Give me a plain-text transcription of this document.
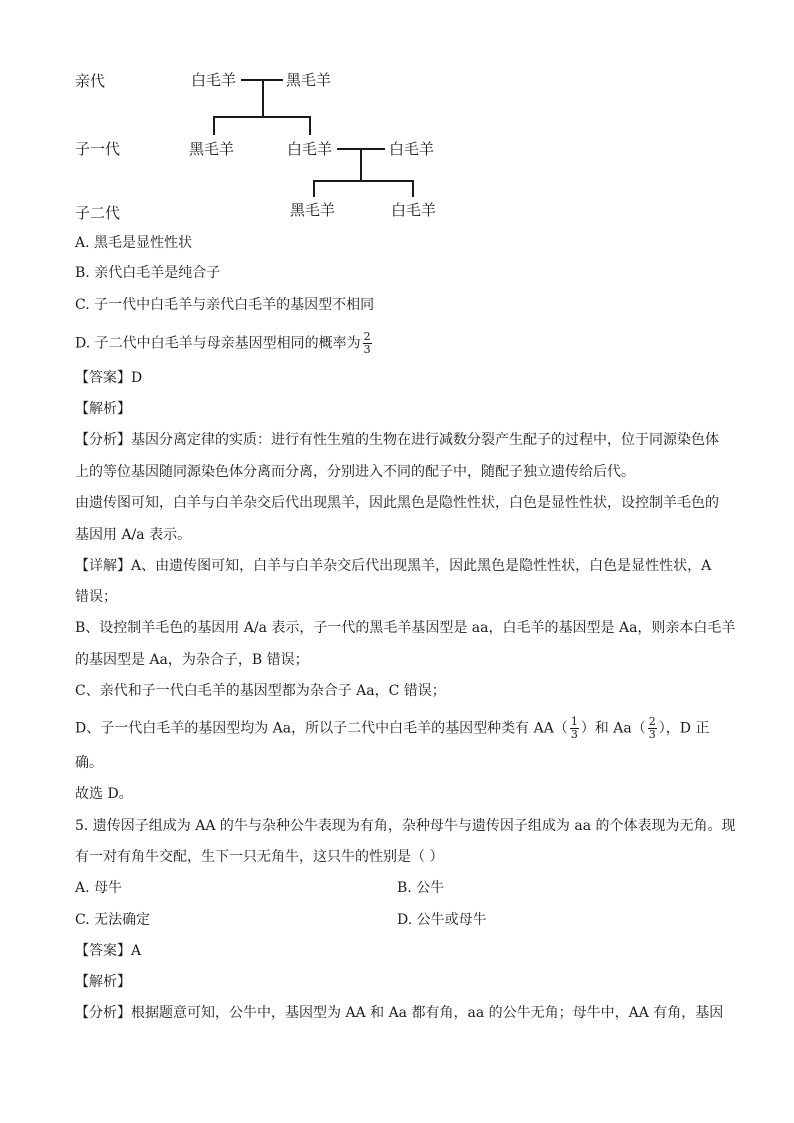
亲代
子一代
子二代
白毛羊	黑毛羊
黑毛羊	白毛羊	白毛羊
黑毛羊	白毛羊
A. 黑毛是显性性状
B. 亲代白毛羊是纯合子
C. 子一代中白毛羊与亲代白毛羊的基因型不相同
D. 子二代中白毛羊与母亲基因型相同的概率为 $\frac{2}{3}$
【答案】D
【解析】
【分析】基因分离定律的实质：进行有性生殖的生物在进行减数分裂产生配子的过程中，位于同源染色体
上的等位基因随同源染色体分离而分离，分别进入不同的配子中，随配子独立遗传给后代。
由遗传图可知，白羊与白羊杂交后代出现黑羊，因此黑色是隐性性状，白色是显性性状，设控制羊毛色的
基因用 A/a 表示。
【详解】A、由遗传图可知，白羊与白羊杂交后代出现黑羊，因此黑色是隐性性状，白色是显性性状，A
错误；
B、设控制羊毛色的基因用 A/a 表示，子一代的黑毛羊基因型是 aa，白毛羊的基因型是 Aa，则亲本白毛羊
的基因型是 Aa，为杂合子，B 错误；
C、亲代和子一代白毛羊的基因型都为杂合子 Aa，C 错误；
D、子一代白毛羊的基因型均为 Aa，所以子二代中白毛羊的基因型种类有 $AA( \frac{1}{3}$ ）和 $Aa( \frac{2}{3}$ ），D 正
确。
故选 D。
5. 遗传因子组成为 AA 的牛与杂种公牛表现为有角，杂种母牛与遗传因子组成为 aa 的个体表现为无角。现
有一对有角牛交配，生下一只无角牛，这只牛的性别是（ ）
A. 母牛	B. 公牛
C. 无法确定	D. 公牛或母牛
【答案】A
【解析】
【分析】根据题意可知，公牛中，基因型为 AA 和 Aa 都有角，aa 的公牛无角；母牛中，AA 有角，基因
